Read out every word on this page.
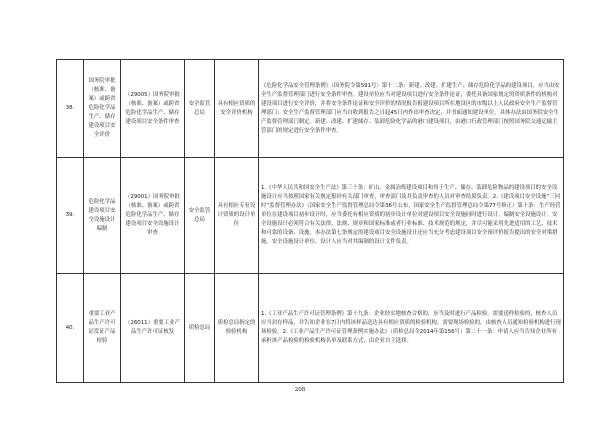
38.	国务院审批（核准、备案）或跨省危险化学品生产、储存建设项目安全评价	（29005）国务院审批（核准、备案）或跨省危险化学品生产、储存建设项目安全条件审查	安全监管总局	具有相应资质的安全评价机构	《危险化学品安全管理条例》（国务院令第591号）第十二条：新建、改建、扩建生产、储存危险化学品的建设项目，应当由安全生产监督管理部门进行安全条件审查。建设单位应当对建设项目进行安全条件论证，委托具备国家规定的资质条件的机构对建设项目进行安全评价，并将安全条件论证和安全评价的情况报告报建设项目所在地设区的市级以上人民政府安全生产监督管理部门；安全生产监督管理部门应当自收到报告之日起45日内作出审查决定，并书面通知建设单位。具体办法由国务院安全生产监督管理部门制定。新建、改建、扩建储存、装卸危险化学品的港口建设项目，由港口行政管理部门按照国务院交通运输主管部门的规定进行安全条件审查。
39.	危险化学品建设项目安全设施设计编制	（29001）国务院审批（核准、备案）或跨省危险化学品生产、储存建设项目安全设施设计审查	安全监管总局	具有相应专业设计资质的设计单位	1.《中华人民共和国安全生产法》第三十条：矿山、金属冶炼建设项目和用于生产、储存、装卸危险物品的建设项目的安全设施设计应当按照国家有关规定报经有关部门审查，审查部门及其负责审查的人员对审查结果负责。2.《建设项目安全设施“三同时”监督管理办法》（国家安全生产监督管理总局令第36号公布，国家安全生产监督管理总局令第77号修正）第十条：生产经营单位在建设项目初步设计时，应当委托有相应资质的初步设计单位对建设项目安全设施同时进行设计，编制安全设施设计。安全设施设计必须符合有关法律、法规、规章和国家标准或者行业标准、技术规范的规定，并尽可能采用先进适用的工艺、技术和可靠的设备、设施。本办法第七条规定的建设项目安全设施设计还应当充分考虑建设项目安全预评价报告提出的安全对策措施。安全设施设计单位、设计人应当对其编制的设计文件负责。
40.	重要工业产品生产许可证发证产品检验	（26011）重要工业产品生产许可证核发	质检总局	质检总局指定的检验机构	1.《工业产品生产许可证管理条例》第十九条：企业经实地核查合格的，应当及时进行产品检验。需要送样检验的，核查人员应当封存样品，并告知企业在7日内将该样品送达具有相应资质的检验机构。需要现场检验的，由核查人员通知检验机构进行现场检验。2.《工业产品生产许可证管理条例实施办法》（质检总局令2014年第156号）第二十一条：申请人应当告知企业所有承担该产品检验的检验机构名单及联系方式，由企业自主选择。
208
